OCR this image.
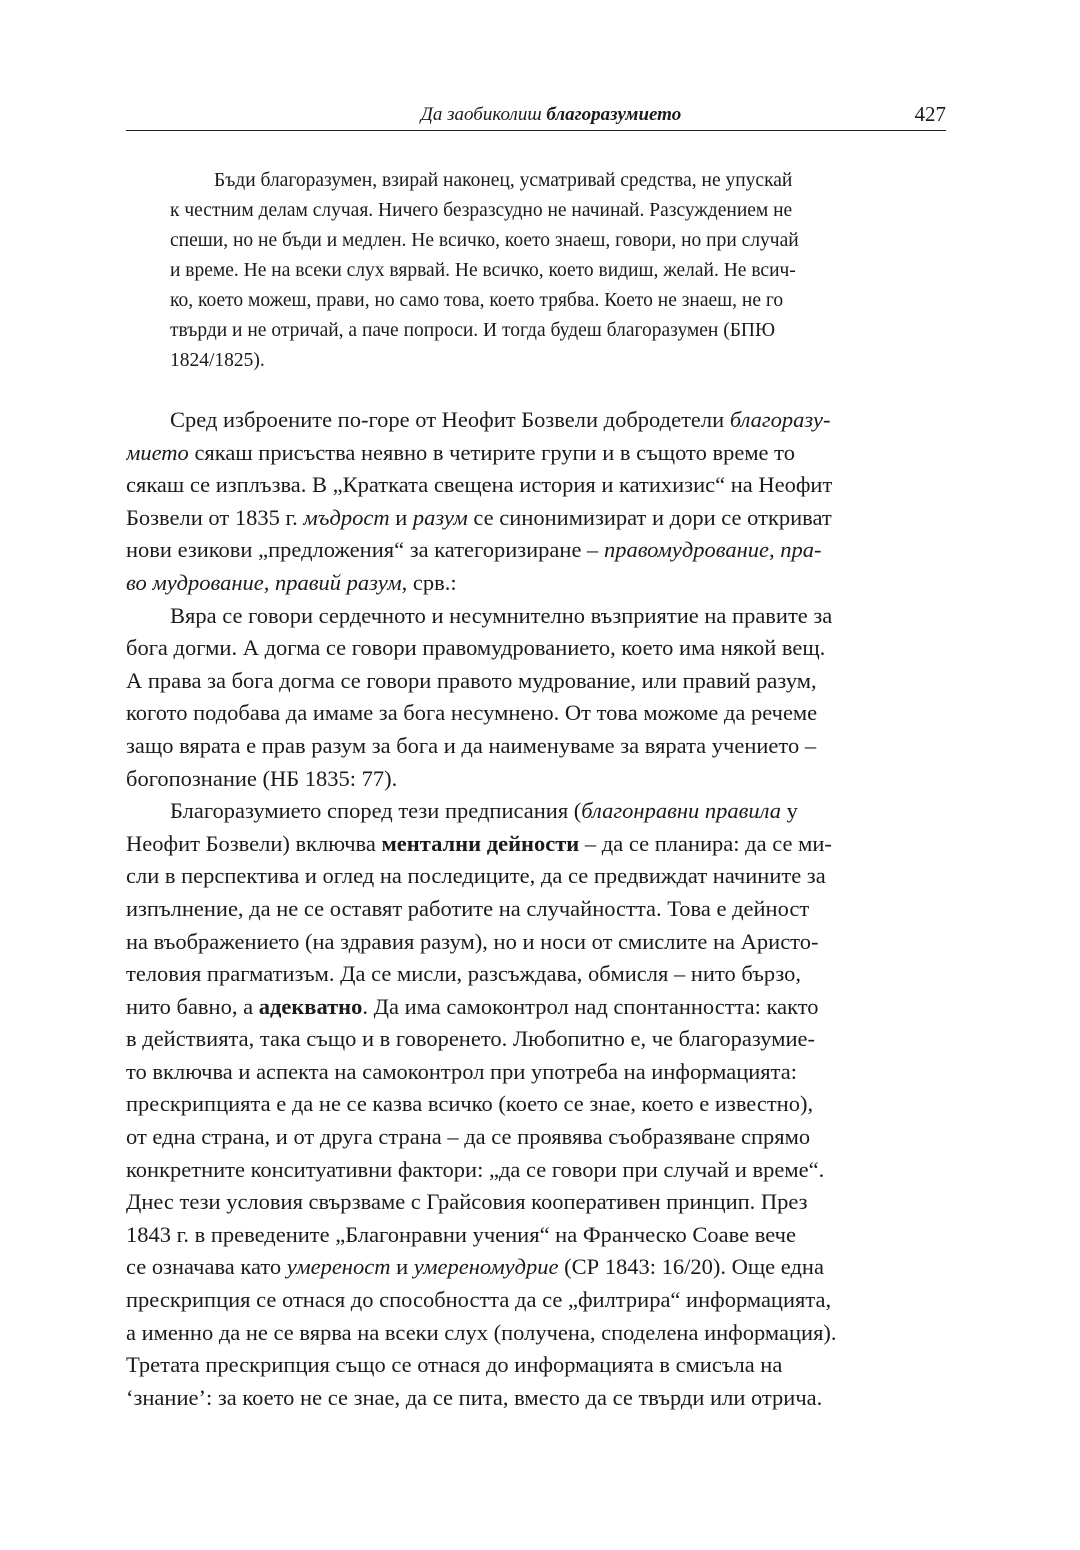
Да заобиколиш благоразумието	427
Бъди благоразумен, взирай наконец, усматривай средства, не упускай
к честним делам случая. Ничего безразсудно не начинай. Разсуждением не
спеши, но не бъди и медлен. Не всичко, което знаеш, говори, но при случай
и време. Не на всеки слух вярвай. Не всичко, което видиш, желай. Не всич-
ко, което можеш, прави, но само това, което трябва. Което не знаеш, не го
твърди и не отричай, а паче попроси. И тогда будеш благоразумен (БПЮ
1824/1825).
Сред изброените по-горе от Неофит Бозвели добродетели благоразу-
мието сякаш присъства неявно в четирите групи и в същото време то
сякаш се изплъзва. В „Кратката свещена история и катихизис“ на Неофит
Бозвели от 1835 г. мъдрост и разум се синонимизират и дори се откриват
нови езикови „предложения“ за категоризиране – правомудрование, пра-
во мудрование, правий разум, срв.:
Вяра се говори сердечното и несумнително възприятие на правите за
бога догми. А догма се говори правомудрованието, което има някой вещ.
А права за бога догма се говори правото мудрование, или правий разум,
когото подобава да имаме за бога несумнено. От това можоме да речеме
защо вярата е прав разум за бога и да наименуваме за вярата учението –
богопознание (НБ 1835: 77).
Благоразумието според тези предписания (благонравни правила у
Неофит Бозвели) включва ментални дейности – да се планира: да се ми-
сли в перспектива и оглед на последиците, да се предвиждат начините за
изпълнение, да не се оставят работите на случайността. Това е дейност
на въображението (на здравия разум), но и носи от смислите на Аристо-
теловия прагматизъм. Да се мисли, разсъждава, обмисля – нито бързо,
нито бавно, а адекватно. Да има самоконтрол над спонтанността: както
в действията, така също и в говоренето. Любопитно е, че благоразумие-
то включва и аспекта на самоконтрол при употреба на информацията:
прескрипцията е да не се казва всичко (което се знае, което е известно),
от една страна, и от друга страна – да се проявява съобразяване спрямо
конкретните конситуативни фактори: „да се говори при случай и време“.
Днес тези условия свързваме с Грайсовия кооперативен принцип. През
1843 г. в преведените „Благонравни учения“ на Франческо Соаве вече
се означава като умереност и умереномудрие (СР 1843: 16/20). Още една
прескрипция се отнася до способността да се „филтрира“ информацията,
а именно да не се вярва на всеки слух (получена, споделена информация).
Третата прескрипция също се отнася до информацията в смисъла на
‘знание’: за което не се знае, да се пита, вместо да се твърди или отрича.
